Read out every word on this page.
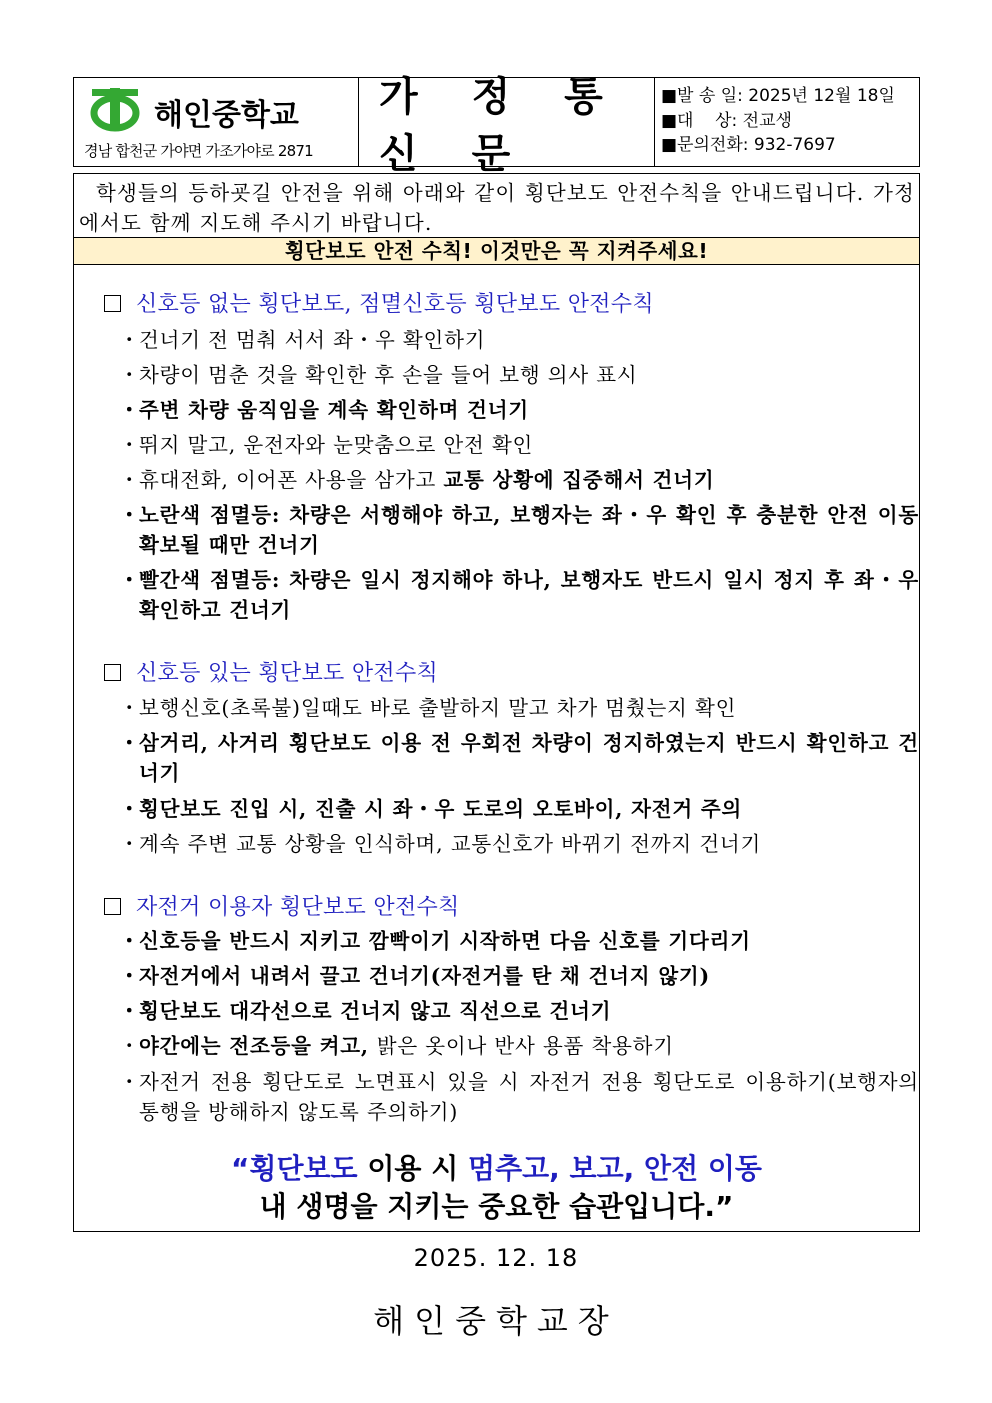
해인중학교
경남 합천군 가야면 가조가야로 2871
가 정 통 신 문
■발 송 일: 2025년 12월 18일
■대    상: 전교생
■문의전화: 932-7697
학생들의 등하굣길 안전을 위해 아래와 같이 횡단보도 안전수칙을 안내드립니다. 가정에서도 함께 지도해 주시기 바랍니다.
횡단보도 안전 수칙! 이것만은 꼭 지켜주세요!
신호등 없는 횡단보도, 점멸신호등 횡단보도 안전수칙
・
건너기 전 멈춰 서서 좌・우 확인하기
・
차량이 멈춘 것을 확인한 후 손을 들어 보행 의사 표시
・
주변 차량 움직임을 계속 확인하며 건너기
・
뛰지 말고, 운전자와 눈맞춤으로 안전 확인
・
휴대전화, 이어폰 사용을 삼가고 교통 상황에 집중해서 건너기
・
노란색 점멸등: 차량은 서행해야 하고, 보행자는 좌・우 확인 후 충분한 안전 이동 확보될 때만 건너기
・
빨간색 점멸등: 차량은 일시 정지해야 하나, 보행자도 반드시 일시 정지 후 좌・우 확인하고 건너기
신호등 있는 횡단보도 안전수칙
・
보행신호(초록불)일때도 바로 출발하지 말고 차가 멈췄는지 확인
・
삼거리, 사거리 횡단보도 이용 전 우회전 차량이 정지하였는지 반드시 확인하고 건너기
・
횡단보도 진입 시, 진출 시 좌・우 도로의 오토바이, 자전거 주의
・
계속 주변 교통 상황을 인식하며, 교통신호가 바뀌기 전까지 건너기
자전거 이용자 횡단보도 안전수칙
・
신호등을 반드시 지키고 깜빡이기 시작하면 다음 신호를 기다리기
・
자전거에서 내려서 끌고 건너기(자전거를 탄 채 건너지 않기)
・
횡단보도 대각선으로 건너지 않고 직선으로 건너기
・
야간에는 전조등을 켜고, 밝은 옷이나 반사 용품 착용하기
・
자전거 전용 횡단도로 노면표시 있을 시 자전거 전용 횡단도로 이용하기(보행자의 통행을 방해하지 않도록 주의하기)
“횡단보도 이용 시 멈추고, 보고, 안전 이동
내 생명을 지키는 중요한 습관입니다.”
2025. 12. 18
해인중학교장
